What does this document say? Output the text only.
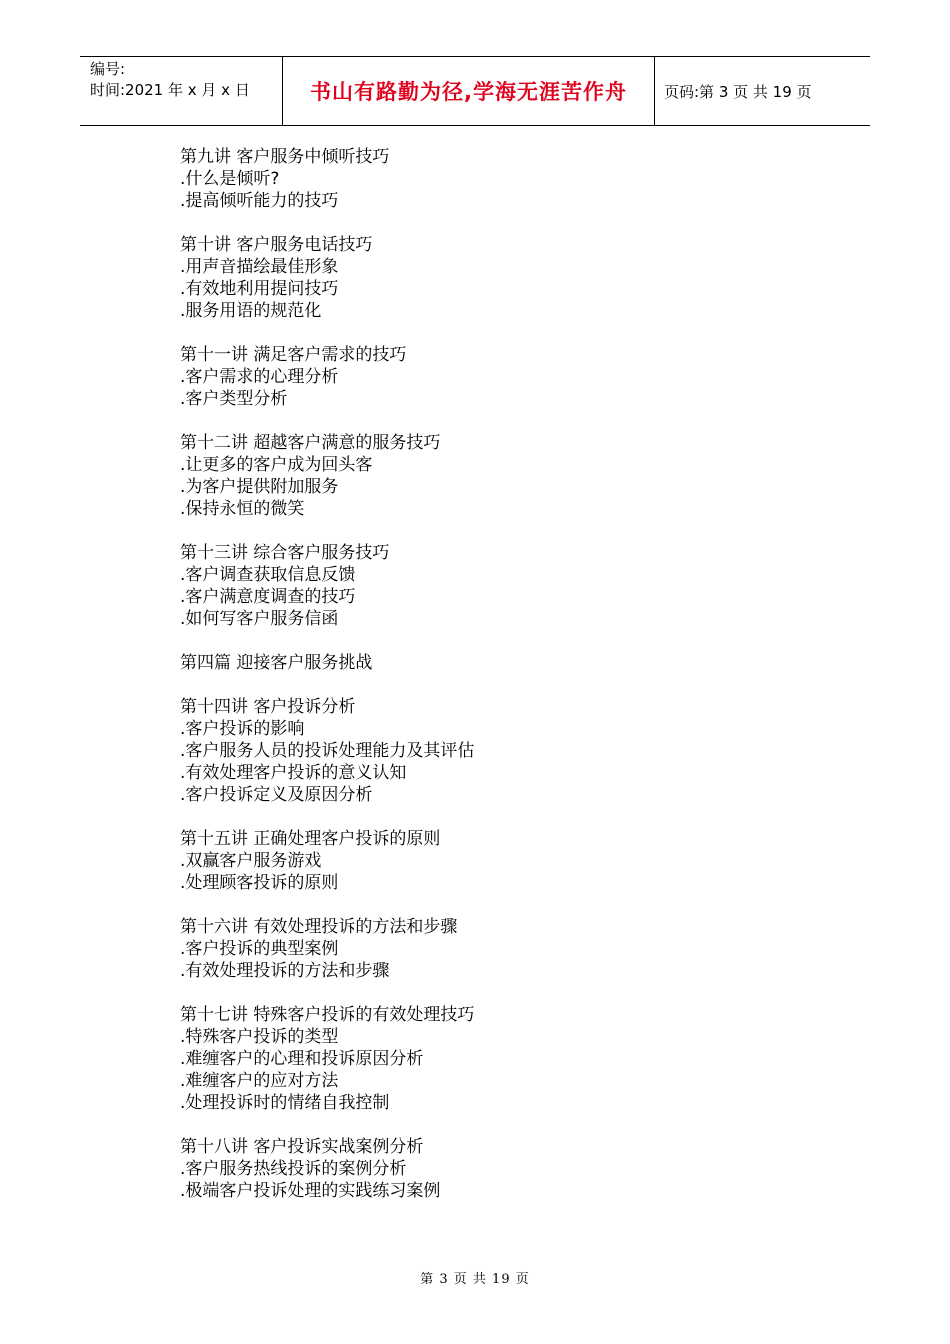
编号:
时间:2021 年 x 月 x 日	书山有路勤为径,学海无涯苦作舟	页码:第 3 页 共 19 页
第九讲 客户服务中倾听技巧
.什么是倾听?
.提高倾听能力的技巧
第十讲 客户服务电话技巧
.用声音描绘最佳形象
.有效地利用提问技巧
.服务用语的规范化
第十一讲 满足客户需求的技巧
.客户需求的心理分析
.客户类型分析
第十二讲 超越客户满意的服务技巧
.让更多的客户成为回头客
.为客户提供附加服务
.保持永恒的微笑
第十三讲 综合客户服务技巧
.客户调查获取信息反馈
.客户满意度调查的技巧
.如何写客户服务信函
第四篇 迎接客户服务挑战
第十四讲 客户投诉分析
.客户投诉的影响
.客户服务人员的投诉处理能力及其评估
.有效处理客户投诉的意义认知
.客户投诉定义及原因分析
第十五讲 正确处理客户投诉的原则
.双赢客户服务游戏
.处理顾客投诉的原则
第十六讲 有效处理投诉的方法和步骤
.客户投诉的典型案例
.有效处理投诉的方法和步骤
第十七讲 特殊客户投诉的有效处理技巧
.特殊客户投诉的类型
.难缠客户的心理和投诉原因分析
.难缠客户的应对方法
.处理投诉时的情绪自我控制
第十八讲 客户投诉实战案例分析
.客户服务热线投诉的案例分析
.极端客户投诉处理的实践练习案例
第 3 页 共 19 页
